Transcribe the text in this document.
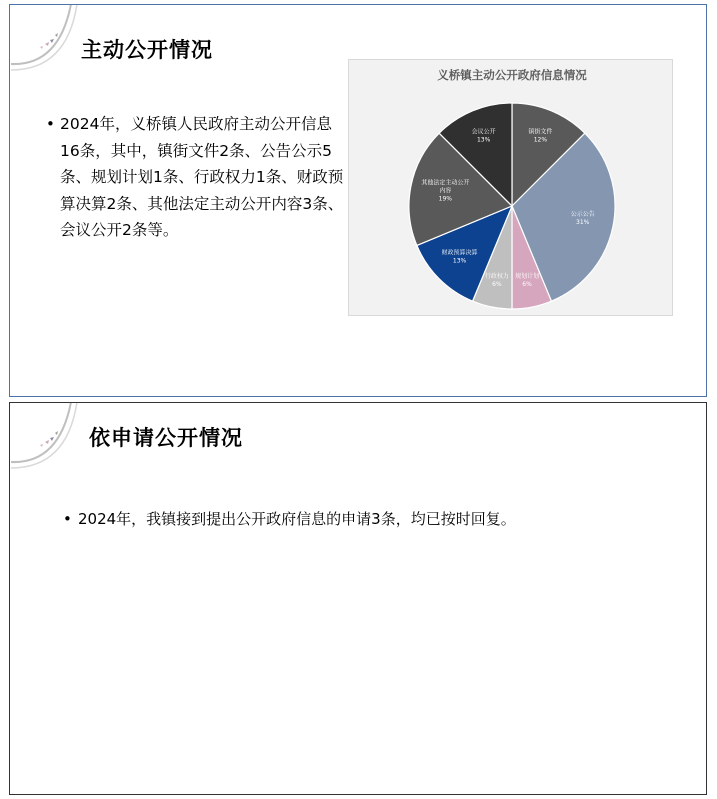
主动公开情况
• 2024年，义桥镇人民政府主动公开信息16条，其中，镇街文件2条、公告公示5条、规划计划1条、行政权力1条、财政预算决算2条、其他法定主动公开内容3条、会议公开2条等。
义桥镇主动公开政府信息情况
镇街文件 12%
公示公告 31%
规划计划 6%
行政权力 6%
财政预算决算 13%
其他法定主动公开内容 19%
会议公开 13%
依申请公开情况
• 2024年，我镇接到提出公开政府信息的申请3条，均已按时回复。
